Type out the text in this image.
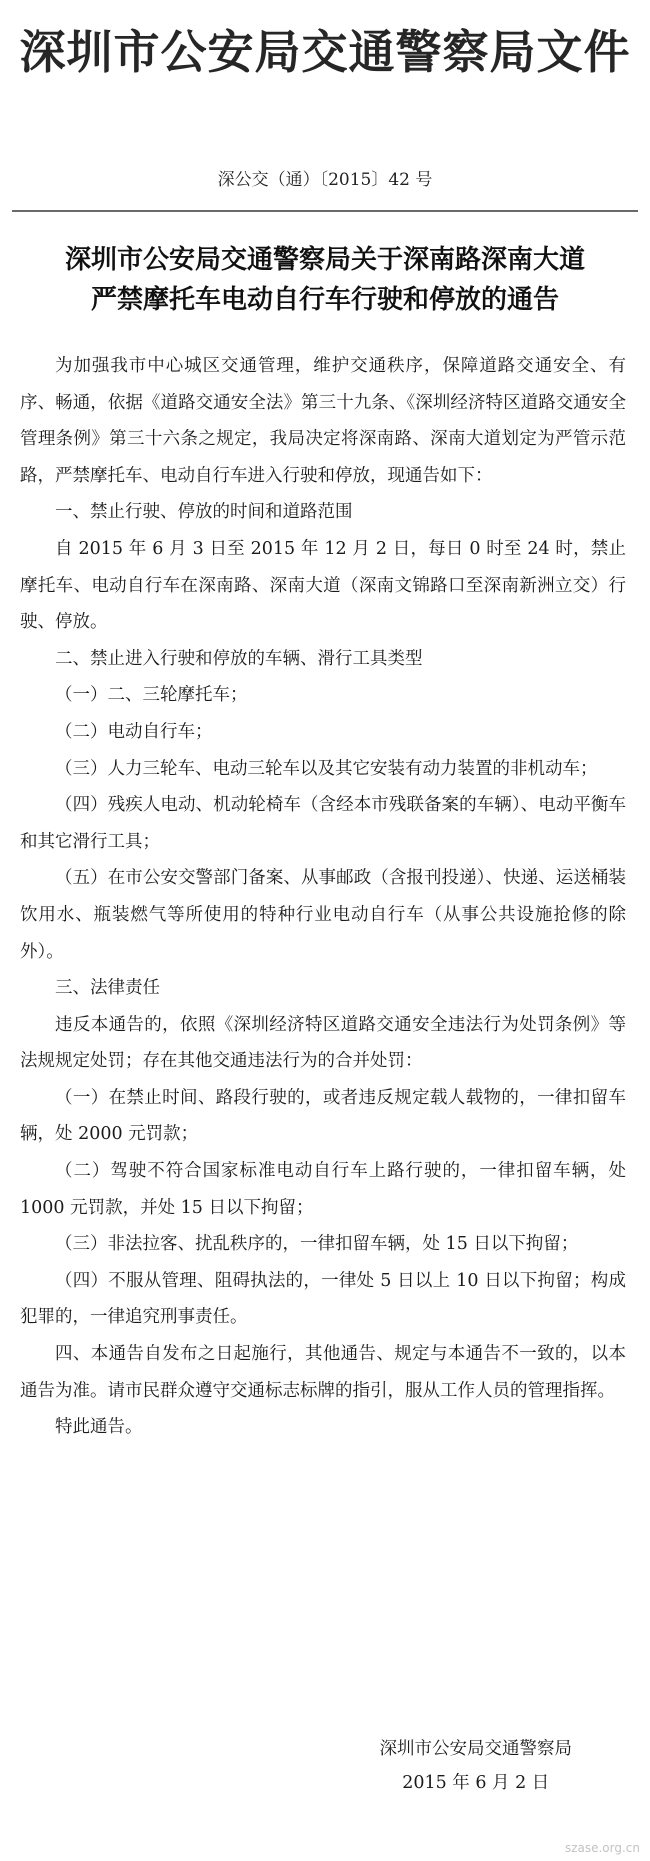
深圳市公安局交通警察局文件
深公交（通）〔2015〕42 号
深圳市公安局交通警察局关于深南路深南大道
严禁摩托车电动自行车行驶和停放的通告

为加强我市中心城区交通管理，维护交通秩序，保障道路交通安全、有序、畅通，依据《道路交通安全法》第三十九条、《深圳经济特区道路交通安全管理条例》第三十六条之规定，我局决定将深南路、深南大道划定为严管示范路，严禁摩托车、电动自行车进入行驶和停放，现通告如下：

一、禁止行驶、停放的时间和道路范围

自 2015 年 6 月 3 日至 2015 年 12 月 2 日，每日 0 时至 24 时，禁止摩托车、电动自行车在深南路、深南大道（深南文锦路口至深南新洲立交）行驶、停放。

二、禁止进入行驶和停放的车辆、滑行工具类型

（一）二、三轮摩托车；

（二）电动自行车；

（三）人力三轮车、电动三轮车以及其它安装有动力装置的非机动车；

（四）残疾人电动、机动轮椅车（含经本市残联备案的车辆）、电动平衡车和其它滑行工具；

（五）在市公安交警部门备案、从事邮政（含报刊投递）、快递、运送桶装饮用水、瓶装燃气等所使用的特种行业电动自行车（从事公共设施抢修的除外）。

三、法律责任

违反本通告的，依照《深圳经济特区道路交通安全违法行为处罚条例》等法规规定处罚；存在其他交通违法行为的合并处罚：

（一）在禁止时间、路段行驶的，或者违反规定载人载物的，一律扣留车辆，处 2000 元罚款；

（二）驾驶不符合国家标准电动自行车上路行驶的，一律扣留车辆，处 1000 元罚款，并处 15 日以下拘留；

（三）非法拉客、扰乱秩序的，一律扣留车辆，处 15 日以下拘留；

（四）不服从管理、阻碍执法的，一律处 5 日以上 10 日以下拘留；构成犯罪的，一律追究刑事责任。

四、本通告自发布之日起施行，其他通告、规定与本通告不一致的，以本通告为准。请市民群众遵守交通标志标牌的指引，服从工作人员的管理指挥。

特此通告。

深圳市公安局交通警察局
2015 年 6 月 2 日
szase.org.cn
